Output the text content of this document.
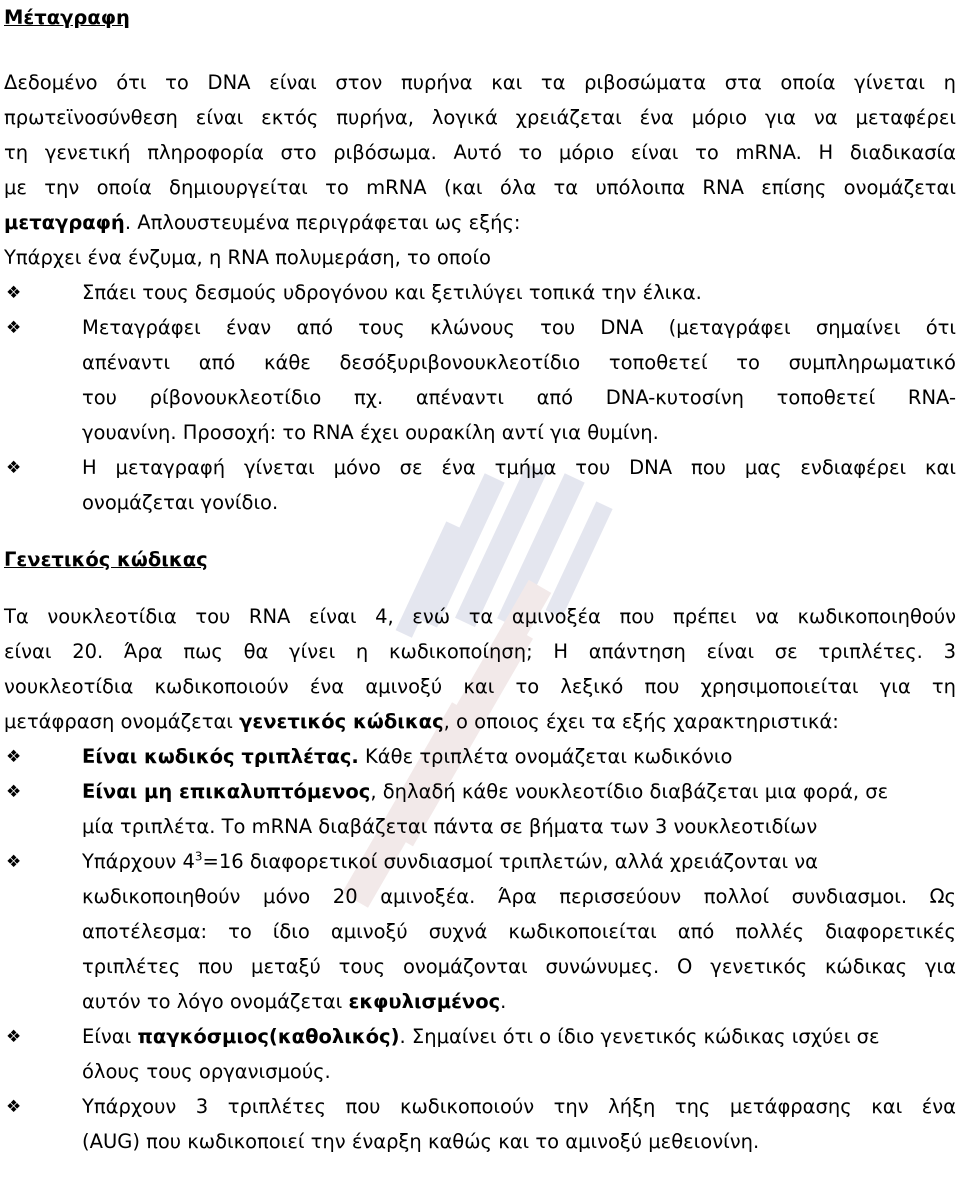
Μέταγραφη
Δεδομένο ότι το DNA είναι στον πυρήνα και τα ριβοσώματα στα οποία γίνεται η
πρωτεϊνοσύνθεση είναι εκτός πυρήνα, λογικά χρειάζεται ένα μόριο για να μεταφέρει
τη γενετική πληροφορία στο ριβόσωμα. Αυτό το μόριο είναι το mRNA. Η διαδικασία
με την οποία δημιουργείται το mRNA (και όλα τα υπόλοιπα RNA επίσης ονομάζεται
μεταγραφή. Απλουστευμένα περιγράφεται ως εξής:
Υπάρχει ένα ένζυμα, η RNA πολυμεράση, το οποίο
❖	Σπάει τους δεσμούς υδρογόνου και ξετιλύγει τοπικά την έλικα.
❖	Μεταγράφει έναν από τους κλώνους του DNA (μεταγράφει σημαίνει ότι
απέναντι από κάθε δεσόξυριβονουκλεοτίδιο τοποθετεί το συμπληρωματικό
του ρίβονουκλεοτίδιο πχ. απέναντι από DNA-κυτοσίνη τοποθετεί RNA-
γουανίνη. Προσοχή: το RNA έχει ουρακίλη αντί για θυμίνη.
❖	Η μεταγραφή γίνεται μόνο σε ένα τμήμα του DNA που μας ενδιαφέρει και
ονομάζεται γονίδιο.
Γενετικός κώδικας
Τα νουκλεοτίδια του RNA είναι 4, ενώ τα αμινοξέα που πρέπει να κωδικοποιηθούν
είναι 20. Άρα πως θα γίνει η κωδικοποίηση; Η απάντηση είναι σε τριπλέτες. 3
νουκλεοτίδια κωδικοποιούν ένα αμινοξύ και το λεξικό που χρησιμοποιείται για τη
μετάφραση ονομάζεται γενετικός κώδικας, ο οποιος έχει τα εξής χαρακτηριστικά:
❖	Είναι κωδικός τριπλέτας. Κάθε τριπλέτα ονομάζεται κωδικόνιο
❖	Είναι μη επικαλυπτόμενος, δηλαδή κάθε νουκλεοτίδιο διαβάζεται μια φορά, σε
μία τριπλέτα. Το mRNA διαβάζεται πάντα σε βήματα των 3 νουκλεοτιδίων
❖	Υπάρχουν $4^3=16$ διαφορετικοί συνδιασμοί τριπλετών, αλλά χρειάζονται να
κωδικοποιηθούν μόνο 20 αμινοξέα. Άρα περισσεύουν πολλοί συνδιασμοι. Ως
αποτέλεσμα: το ίδιο αμινοξύ συχνά κωδικοποιείται από πολλές διαφορετικές
τριπλέτες που μεταξύ τους ονομάζονται συνώνυμες. Ο γενετικός κώδικας για
αυτόν το λόγο ονομάζεται εκφυλισμένος.
❖	Είναι παγκόσμιος(καθολικός). Σημαίνει ότι ο ίδιο γενετικός κώδικας ισχύει σε
όλους τους οργανισμούς.
❖	Υπάρχουν 3 τριπλέτες που κωδικοποιούν την λήξη της μετάφρασης και ένα
(AUG) που κωδικοποιεί την έναρξη καθώς και το αμινοξύ μεθειονίνη.
